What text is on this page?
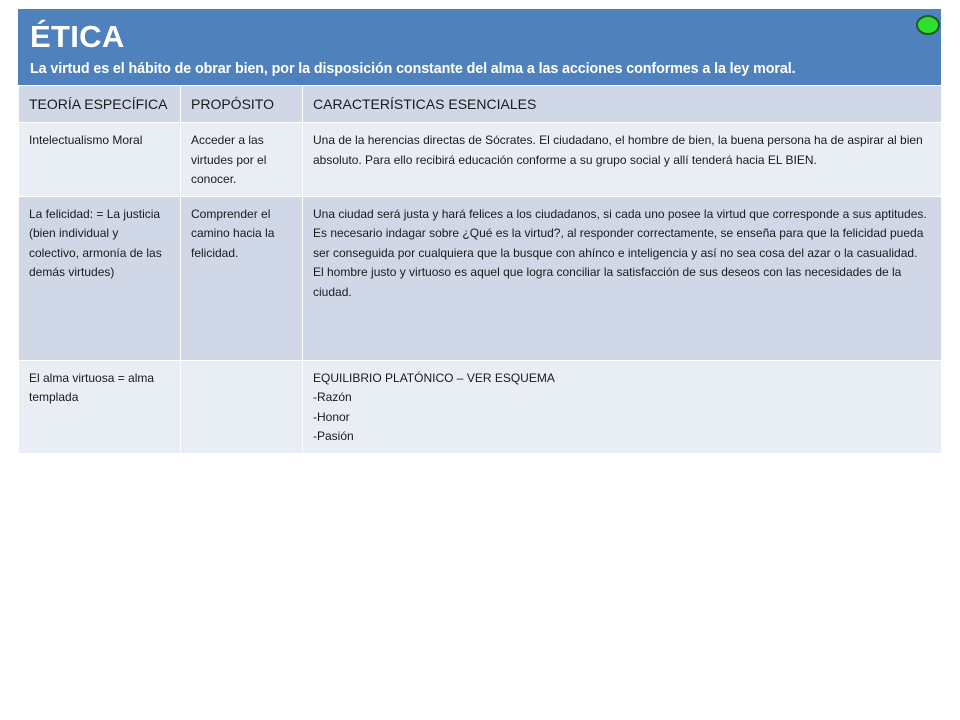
ÉTICA
La virtud es el hábito de obrar bien, por la disposición constante del alma a las acciones conformes a la ley moral.
TEORÍA ESPECÍFICA	PROPÓSITO	CARACTERÍSTICAS ESENCIALES
Intelectualismo Moral	Acceder a las virtudes por el conocer.	Una de la herencias directas de Sócrates. El ciudadano, el hombre de bien, la buena persona ha de aspirar al bien absoluto. Para ello recibirá educación conforme a su grupo social y allí tenderá hacia EL BIEN.

La felicidad: = La justicia (bien individual y colectivo, armonía de las demás virtudes)	Comprender el camino hacia la felicidad.	Una ciudad será justa y hará felices a los ciudadanos, si cada uno posee la virtud que corresponde a sus aptitudes.
Es necesario indagar sobre ¿Qué es la virtud?, al responder correctamente, se enseña para que la felicidad pueda ser conseguida por cualquiera que la busque con ahínco e inteligencia y así no sea cosa del azar o la casualidad.
El hombre justo y virtuoso es aquel que logra conciliar la satisfacción de sus deseos con las necesidades de la ciudad.

El alma virtuosa = alma templada		EQUILIBRIO PLATÓNICO – VER ESQUEMA
-Razón
-Honor
-Pasión
